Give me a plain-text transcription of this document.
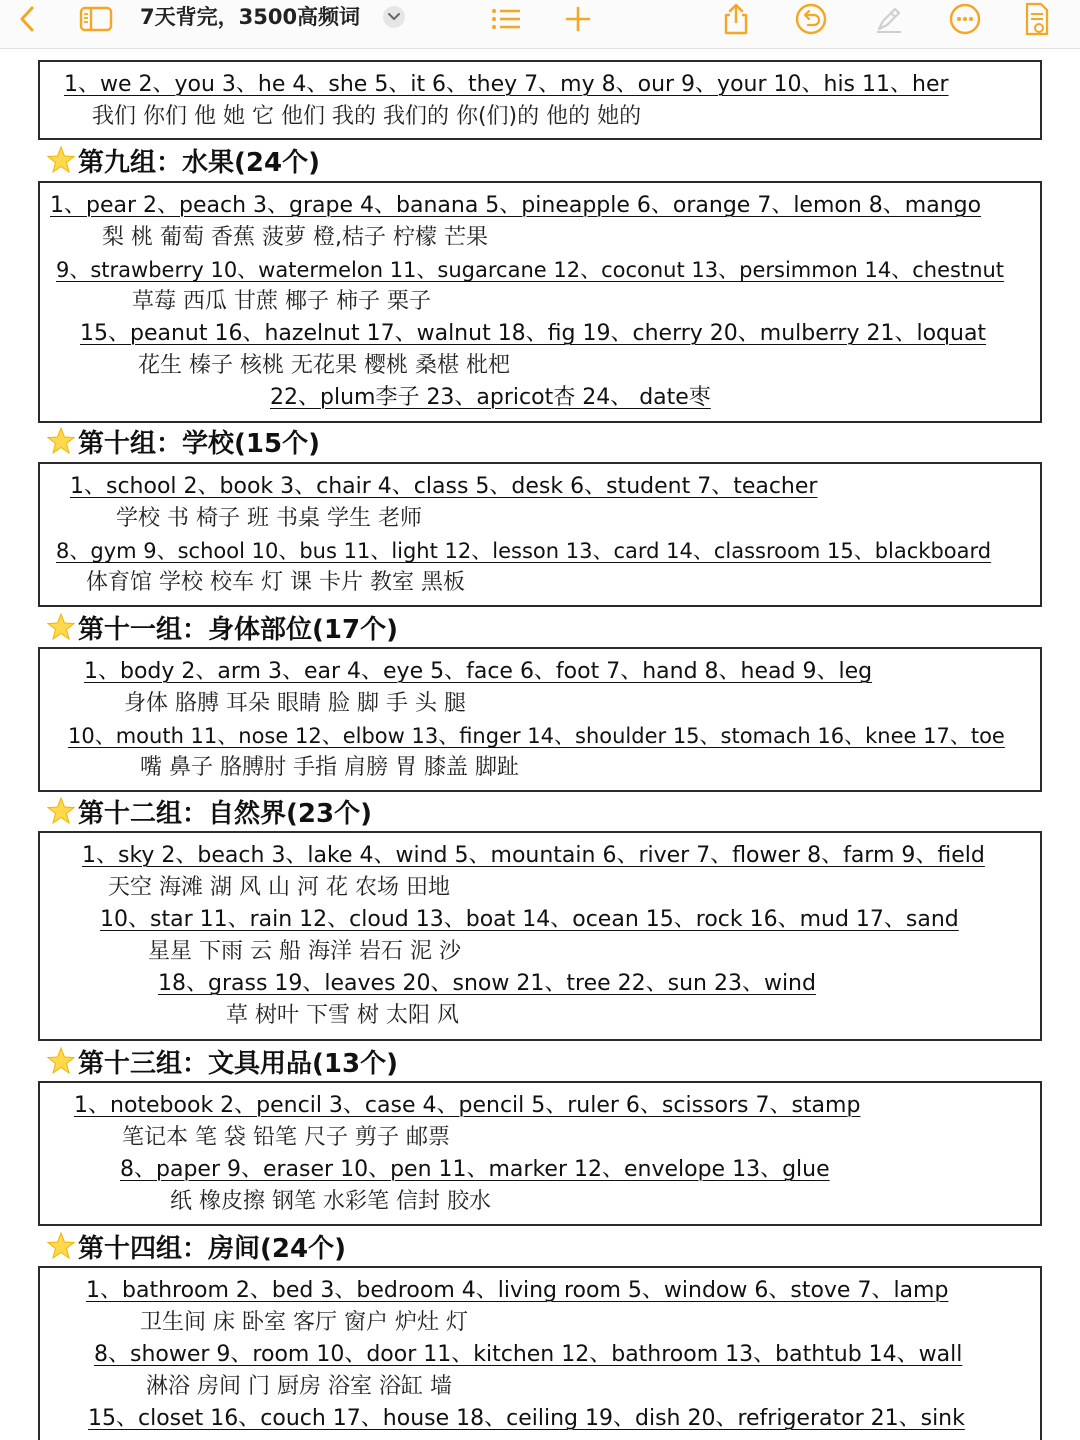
7天背完，3500高频词
1、we 2、you 3、he 4、she 5、it 6、they 7、my 8、our 9、your 10、his 11、her
我们 你们 他 她 它 他们 我的 我们的 你(们)的 他的 她的
第九组：水果(24个)
1、pear 2、peach 3、grape 4、banana 5、pineapple 6、orange 7、lemon 8、mango
梨 桃 葡萄 香蕉 菠萝 橙,桔子 柠檬 芒果
9、strawberry 10、watermelon 11、sugarcane 12、coconut 13、persimmon 14、chestnut
草莓 西瓜 甘蔗 椰子 柿子 栗子
15、peanut 16、hazelnut 17、walnut 18、fig 19、cherry 20、mulberry 21、loquat
花生 榛子 核桃 无花果 樱桃 桑椹 枇杷
22、plum李子 23、apricot杏 24、 date枣
第十组：学校(15个)
1、school 2、book 3、chair 4、class 5、desk 6、student 7、teacher
学校 书 椅子 班 书桌 学生 老师
8、gym 9、school 10、bus 11、light 12、lesson 13、card 14、classroom 15、blackboard
体育馆 学校 校车 灯 课 卡片 教室 黑板
第十一组：身体部位(17个)
1、body 2、arm 3、ear 4、eye 5、face 6、foot 7、hand 8、head 9、leg
身体 胳膊 耳朵 眼睛 脸 脚 手 头 腿
10、mouth 11、nose 12、elbow 13、finger 14、shoulder 15、stomach 16、knee 17、toe
嘴 鼻子 胳膊肘 手指 肩膀 胃 膝盖 脚趾
第十二组：自然界(23个)
1、sky 2、beach 3、lake 4、wind 5、mountain 6、river 7、flower 8、farm 9、field
天空 海滩 湖 风 山 河 花 农场 田地
10、star 11、rain 12、cloud 13、boat 14、ocean 15、rock 16、mud 17、sand
星星 下雨 云 船 海洋 岩石 泥 沙
18、grass 19、leaves 20、snow 21、tree 22、sun 23、wind
草 树叶 下雪 树 太阳 风
第十三组：文具用品(13个)
1、notebook 2、pencil 3、case 4、pencil 5、ruler 6、scissors 7、stamp
笔记本 笔 袋 铅笔 尺子 剪子 邮票
8、paper 9、eraser 10、pen 11、marker 12、envelope 13、glue
纸 橡皮擦 钢笔 水彩笔 信封 胶水
第十四组：房间(24个)
1、bathroom 2、bed 3、bedroom 4、living room 5、window 6、stove 7、lamp
卫生间 床 卧室 客厅 窗户 炉灶 灯
8、shower 9、room 10、door 11、kitchen 12、bathroom 13、bathtub 14、wall
淋浴 房间 门 厨房 浴室 浴缸 墙
15、closet 16、couch 17、house 18、ceiling 19、dish 20、refrigerator 21、sink
